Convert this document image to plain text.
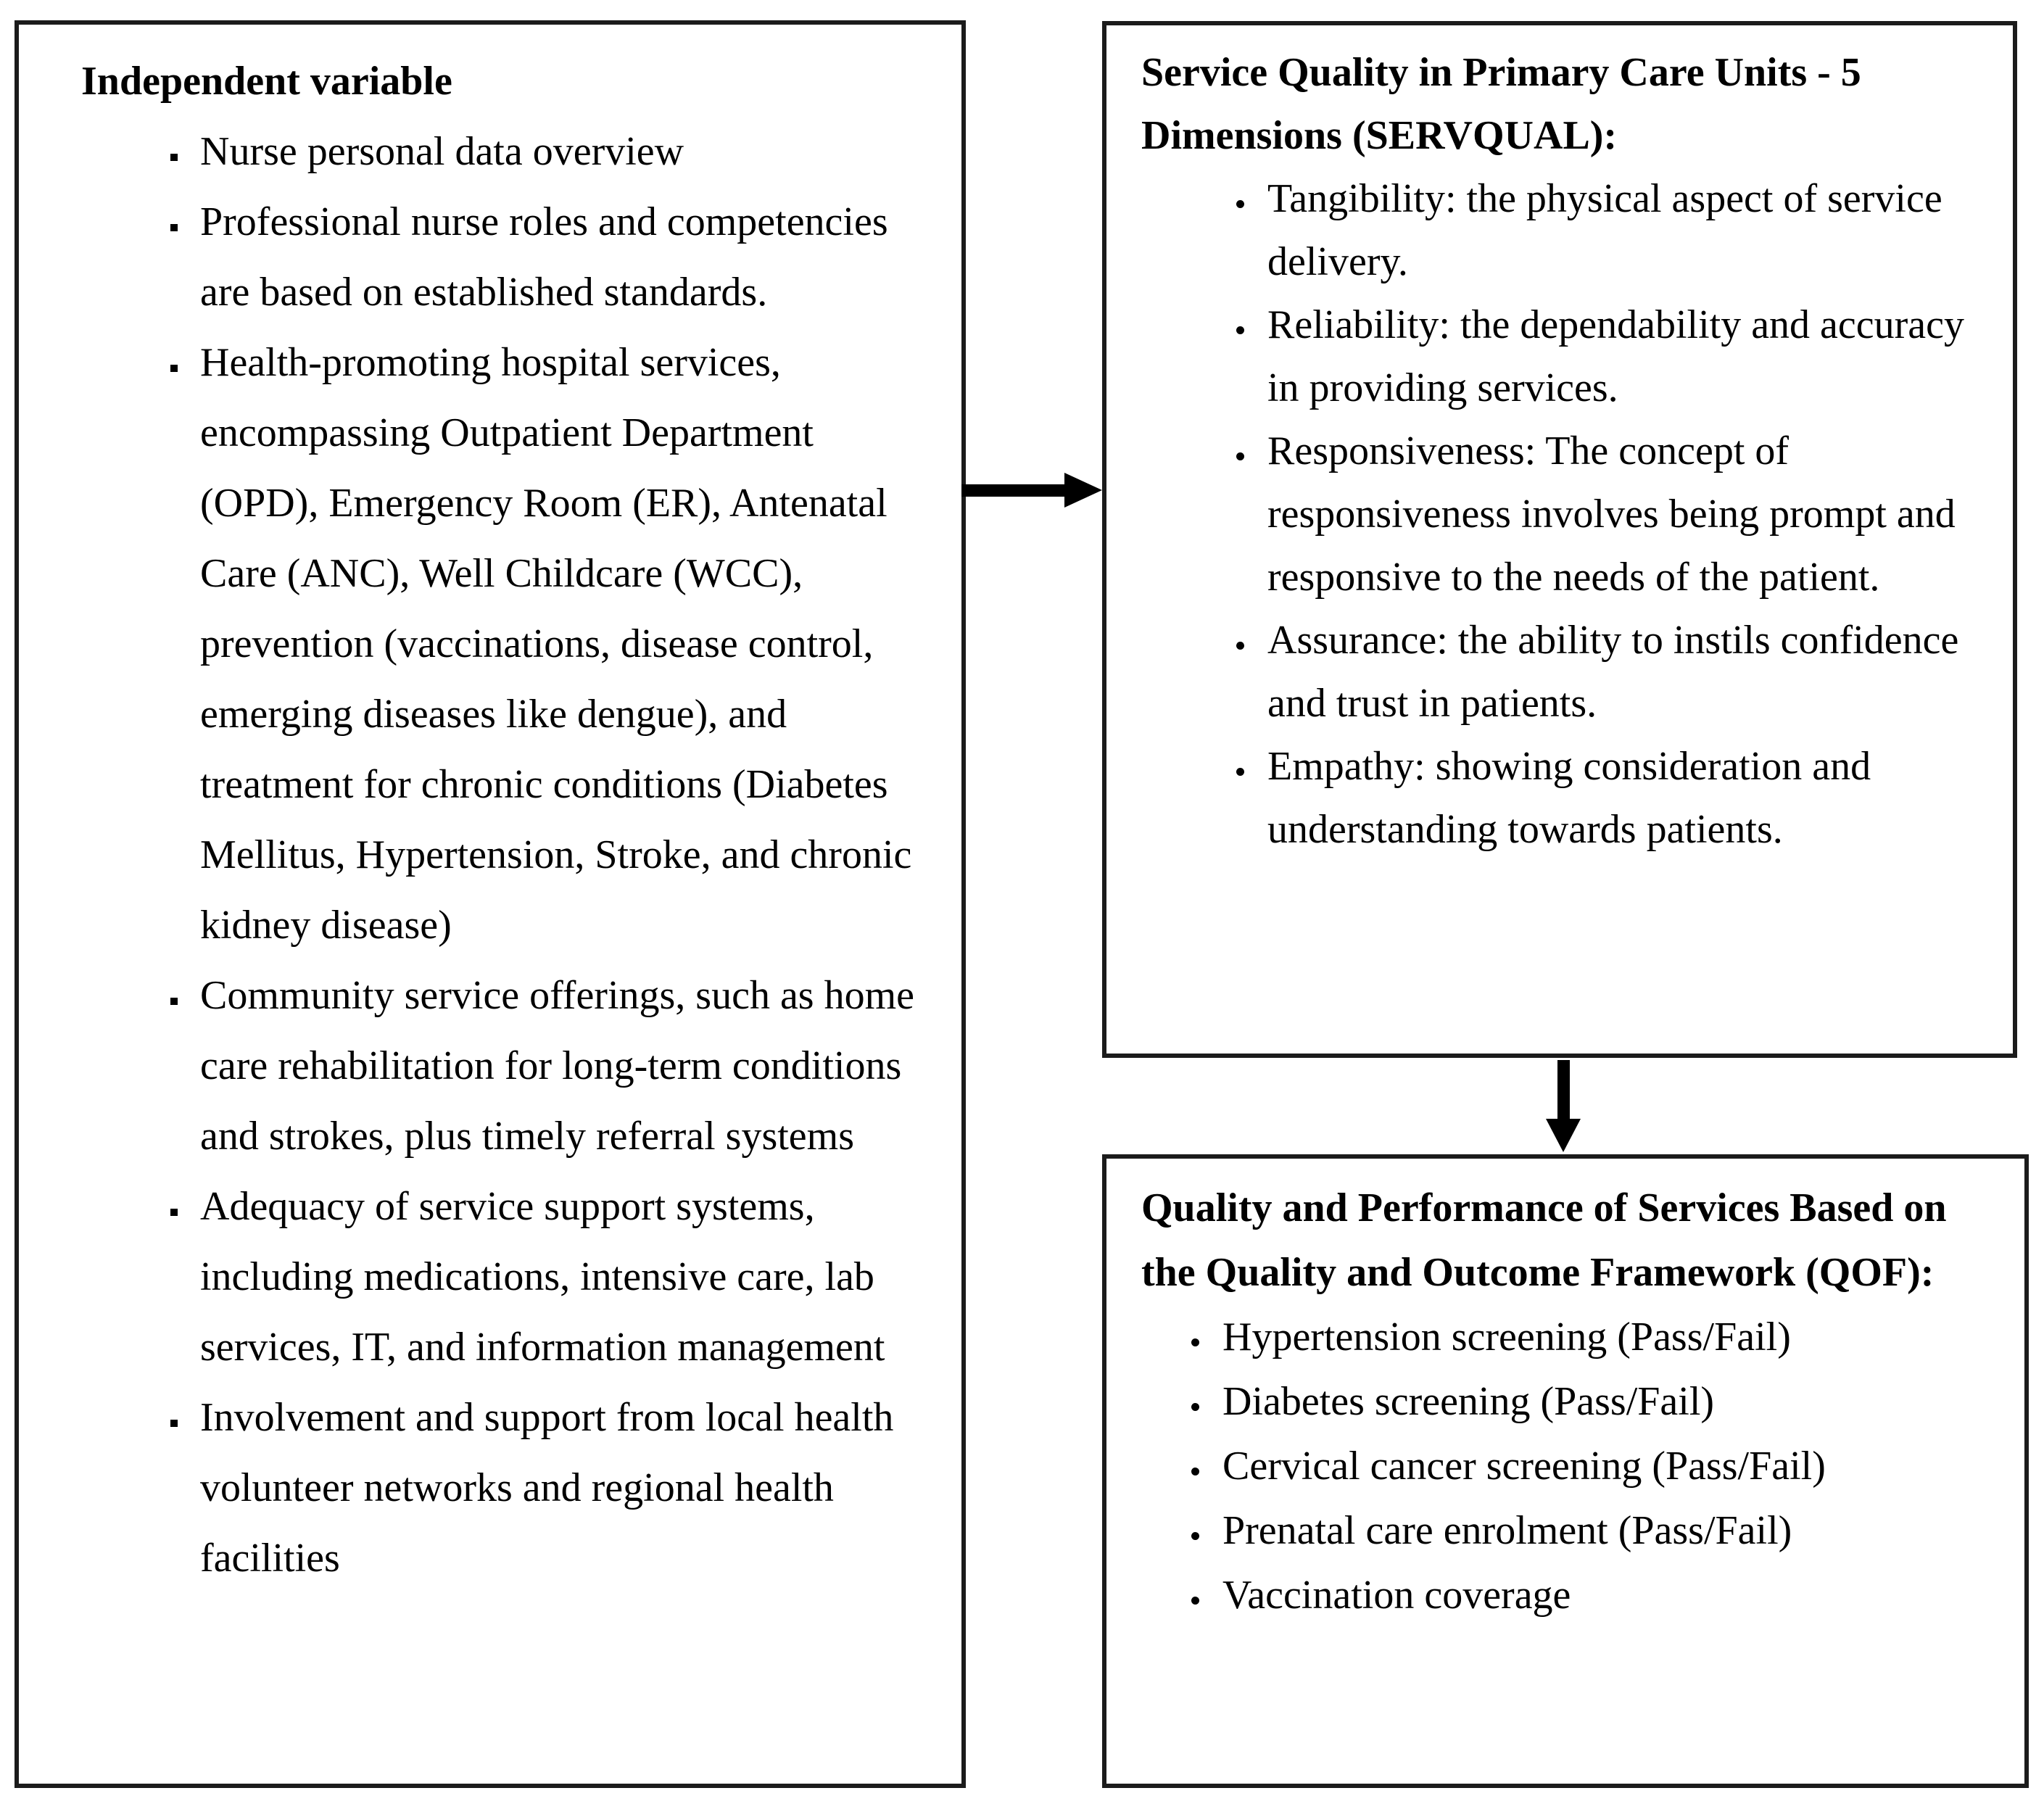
Independent variable
▪ Nurse personal data overview
▪ Professional nurse roles and competencies are based on established standards.
▪ Health-promoting hospital services, encompassing Outpatient Department (OPD), Emergency Room (ER), Antenatal Care (ANC), Well Childcare (WCC), prevention (vaccinations, disease control, emerging diseases like dengue), and treatment for chronic conditions (Diabetes Mellitus, Hypertension, Stroke, and chronic kidney disease)
▪ Community service offerings, such as home care rehabilitation for long-term conditions and strokes, plus timely referral systems
▪ Adequacy of service support systems, including medications, intensive care, lab services, IT, and information management
▪ Involvement and support from local health volunteer networks and regional health facilities
Service Quality in Primary Care Units - 5 Dimensions (SERVQUAL):
• Tangibility: the physical aspect of service delivery.
• Reliability: the dependability and accuracy in providing services.
• Responsiveness: The concept of responsiveness involves being prompt and responsive to the needs of the patient.
• Assurance: the ability to instils confidence and trust in patients.
• Empathy: showing consideration and understanding towards patients.
Quality and Performance of Services Based on the Quality and Outcome Framework (QOF):
• Hypertension screening (Pass/Fail)
• Diabetes screening (Pass/Fail)
• Cervical cancer screening (Pass/Fail)
• Prenatal care enrolment (Pass/Fail)
• Vaccination coverage
